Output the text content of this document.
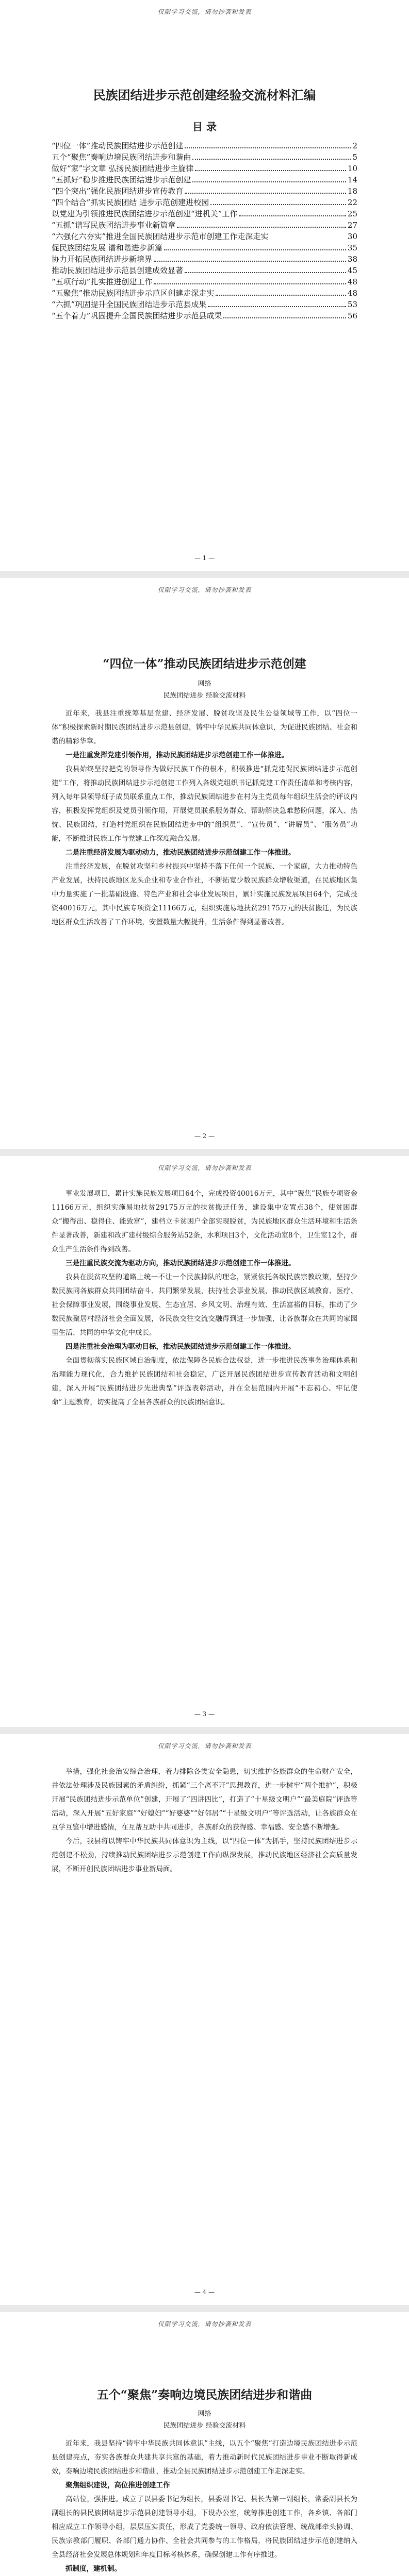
仅限学习交流，请勿抄袭和发表
民族团结进步示范创建经验交流材料汇编
目 录
“四位一体”推动民族团结进步示范创建	2
五个“聚焦”奏响边境民族团结进步和谐曲	5
做好“家”字文章 弘扬民族团结进步主旋律	10
“五抓好”稳步推进民族团结进步示范创建	14
“四个突出”强化民族团结进步宣传教育	18
“四个结合”抓实民族团结 进步示范创建进校园	22
以党建为引领推进民族团结进步示范创建“进机关”工作	25
“五抓”谱写民族团结进步事业新篇章	27
“六强化六夯实”推进全国民族团结进步示范市创建工作走深走实	30
促民族团结发展 谱和谐进步新篇	35
协力开拓民族团结进步新境界	38
推动民族团结进步示范县创建成效显著	45
“五项行动”扎实推进创建工作	48
“五聚焦”推动民族团结进步示范区创建走深走实	48
“六抓”巩固提升全国民族团结进步示范县成果	53
“五个着力”巩固提升全国民族团结进步示范县成果	56
— 1 —
仅限学习交流，请勿抄袭和发表
“四位一体”推动民族团结进步示范创建
网络
民族团结进步 经验交流材料

近年来，我县注重统筹基层党建、经济发展、脱贫攻坚及民生公益领域等工作，以“四位一体”积极探索新时期民族团结进步示范县创建，铸牢中华民族共同体意识，为促进民族团结、社会和谐的精彩华章。

一是注重发挥党建引领作用，推动民族团结进步示范创建工作一体推进。

我县始终坚持把党的领导作为做好民族工作的根本，积极推进“抓党建促民族团结进步示范创建”工作，将推动民族团结进步示范创建工作列入各级党组织书记抓党建工作责任清单和考核内容，列入每年县领导班子成员联系重点工作，推动民族团结进步在村为主党员每年组织生活会的评议内容，积极发挥党组织及党员引领作用，开展党员联系服务群众、帮助解决急难愁盼问题，深入、热忱、民族团结，打造村党组织在民族团结进步中的“组织员”、“宣传员”、“讲解员”、“服务员”功能，不断推进民族工作与党建工作深度融合发展。

二是注重经济发展为驱动动力，推动民族团结进步示范创建工作一体推进。

注重经济发展，在脱贫攻坚和乡村振兴中坚持不落下任何一个民族、一个家庭，大力推动特色产业发展，扶持民族地区龙头企业和专业合作社，不断拓宽少数民族群众增收渠道，在民族地区集中力量实施了一批基础设施、特色产业和社会事业发展项目，累计实施民族发展项目64个，完成投资40016万元，其中民族专项资金11166万元，组织实施易地扶贫29175万元的扶贫搬迁，为民族地区群众生活改善了工作环境，安置数量大幅提升，生活条件得到显著改善。

— 2 —
仅限学习交流，请勿抄袭和发表

事业发展项目，累计实施民族发展项目64个，完成投资40016万元，其中“聚焦”民族专项资金11166万元，组织实施易地扶贫29175万元的扶贫搬迁任务，建设集中安置点38个，使贫困群众“搬得出、稳得住、能致富”，建档立卡贫困户全部实现脱贫，为民族地区群众生活环境和生活条件显著改善，新建和改扩建村级综合服务站52条，水利项目3个，文化活动室8个，卫生室12个，群众生产生活条件得到改善。

三是注重民族交流为驱动方向，推动民族团结进步示范创建工作一体推进。

我县在脱贫攻坚的道路上统一不让一个民族掉队的理念，紧紧依托各级民族宗教政策，坚持少数民族同各族群众共同团结奋斗、共同繁荣发展，扶持社会事业发展，推动民族区域教育、医疗、社会保障事业发展，围绕事业发展、生态宜居、乡风文明、治理有效、生活富裕的目标，推动了少数民族聚居村经济社会全面发展，各民族交往交流交融得到进一步加强，让各族群众在共同的家园里生活、共同的中华文化中成长。

四是注重社会治理为驱动目标，推动民族团结进步示范创建工作一体推进。

全面贯彻落实民族区域自治制度，依法保障各民族合法权益，进一步推进民族事务治理体系和治理能力现代化，合力维护民族团结和社会稳定，广泛开展民族团结进步宣传教育活动和文明创建，深入开展“民族团结进步先进典型”评选表彰活动，并在全县范围内开展“不忘初心、牢记使命”主题教育，切实提高了全县各族群众的民族团结意识。

— 3 —
仅限学习交流，请勿抄袭和发表

举措，强化社会治安综合治理，着力排除各类安全隐患，切实维护各族群众的生命财产安全，并依法处理涉及民族因素的矛盾纠纷，抓紧“三个离不开”思想教育，进一步树牢“两个维护”，积极开展“民族团结进步示范单位”创建，开展了“四讲四比”，打造了“十星级文明户”“最美庭院”评选等活动，深入开展“五好家庭”“好媳妇”“好婆婆”“好邻居”“十星级文明户”等评选活动，让各族群众在互学互鉴中增进感情，在互帮互助中共同进步，各族群众的获得感、幸福感、安全感不断增强。

今后，我县将以铸牢中华民族共同体意识为主线，以“四位一体”为抓手，坚持民族团结进步示范创建不松劲，持续推动民族团结进步示范创建工作向纵深发展，推动民族地区经济社会高质量发展，不断开创民族团结进步事业新局面。

— 4 —
仅限学习交流，请勿抄袭和发表
五个“聚焦”奏响边境民族团结进步和谐曲
网络
民族团结进步 经验交流材料

近年来，我县坚持“铸牢中华民族共同体意识”主线，以五个“聚焦”打造边境民族团结进步示范县创建亮点，夯实各族群众共建共享共富的基础，着力推动新时代民族团结进步事业不断取得新成效，奏响边境民族团结进步和谐曲，推动全县民族团结进步示范创建工作走深走实。

聚焦组织建设，高位推进创建工作

高站位，强推进。成立了以县委书记为组长，县委副书记、县长为第一副组长，常委副县长为副组长的县民族团结进步示范县创建领导小组，下设办公室，统筹推进创建工作，各乡镇、各部门相应成立工作领导小组，层层压实责任，形成了党委统一领导、政府依法管理、统战部牵头协调、民族宗教部门履职、各部门通力协作、全社会共同参与的工作格局，将民族团结进步示范创建纳入全县经济社会发展总体规划和年度目标考核体系，确保创建工作有序推进。

抓制度，建机制。
